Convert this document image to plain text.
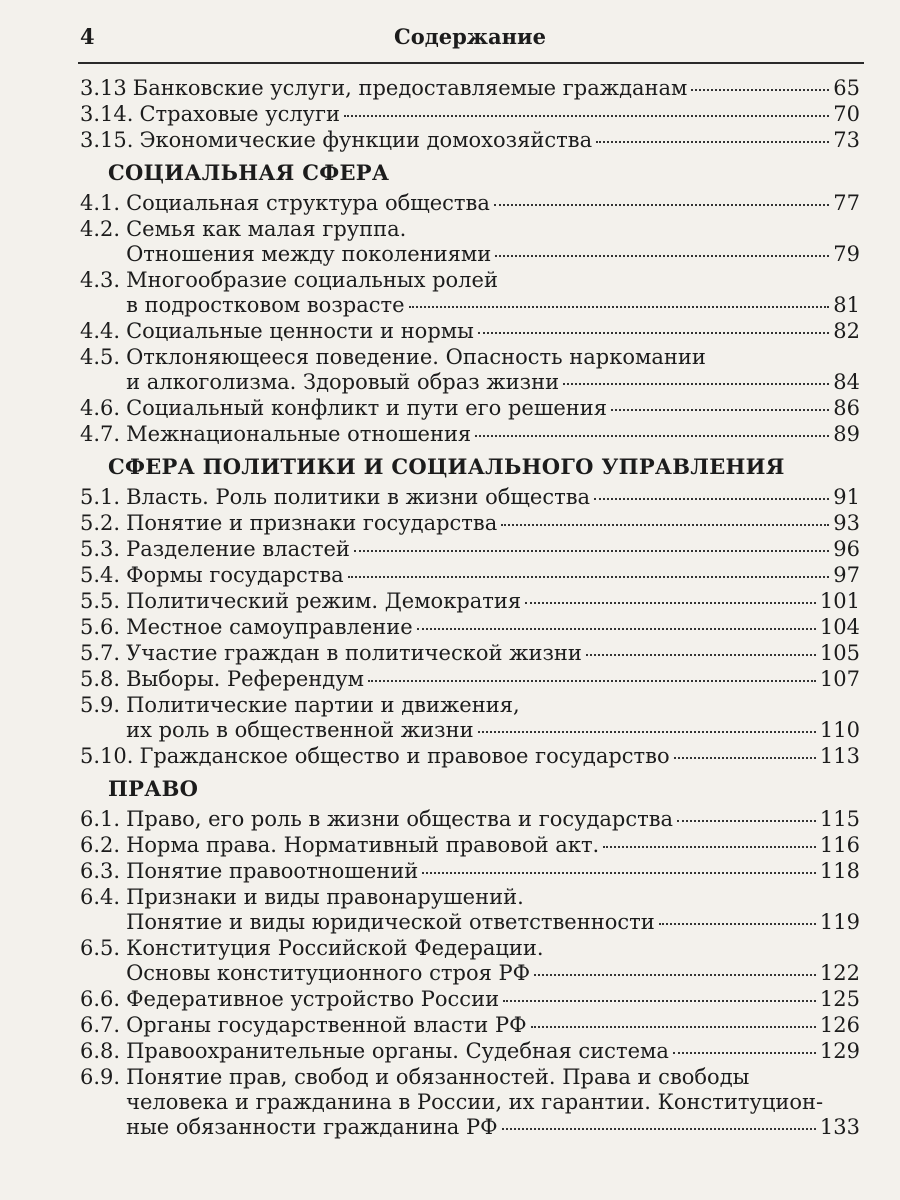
4	Содержание
3.13 Банковские услуги, предоставляемые гражданам	65
3.14. Страховые услуги	70
3.15. Экономические функции домохозяйства	73
СОЦИАЛЬНАЯ СФЕРА
4.1. Социальная структура общества	77
4.2. Семья как малая группа.
Отношения между поколениями	79
4.3. Многообразие социальных ролей
в подростковом возрасте	81
4.4. Социальные ценности и нормы	82
4.5. Отклоняющееся поведение. Опасность наркомании
и алкоголизма. Здоровый образ жизни	84
4.6. Социальный конфликт и пути его решения	86
4.7. Межнациональные отношения	89
СФЕРА ПОЛИТИКИ И СОЦИАЛЬНОГО УПРАВЛЕНИЯ
5.1. Власть. Роль политики в жизни общества	91
5.2. Понятие и признаки государства	93
5.3. Разделение властей	96
5.4. Формы государства	97
5.5. Политический режим. Демократия	101
5.6. Местное самоуправление	104
5.7. Участие граждан в политической жизни	105
5.8. Выборы. Референдум	107
5.9. Политические партии и движения,
их роль в общественной жизни	110
5.10. Гражданское общество и правовое государство	113
ПРАВО
6.1. Право, его роль в жизни общества и государства	115
6.2. Норма права. Нормативный правовой акт.	116
6.3. Понятие правоотношений	118
6.4. Признаки и виды правонарушений.
Понятие и виды юридической ответственности	119
6.5. Конституция Российской Федерации.
Основы конституционного строя РФ	122
6.6. Федеративное устройство России	125
6.7. Органы государственной власти РФ	126
6.8. Правоохранительные органы. Судебная система	129
6.9. Понятие прав, свобод и обязанностей. Права и свободы
человека и гражданина в России, их гарантии. Конституцион-
ные обязанности гражданина РФ	133
